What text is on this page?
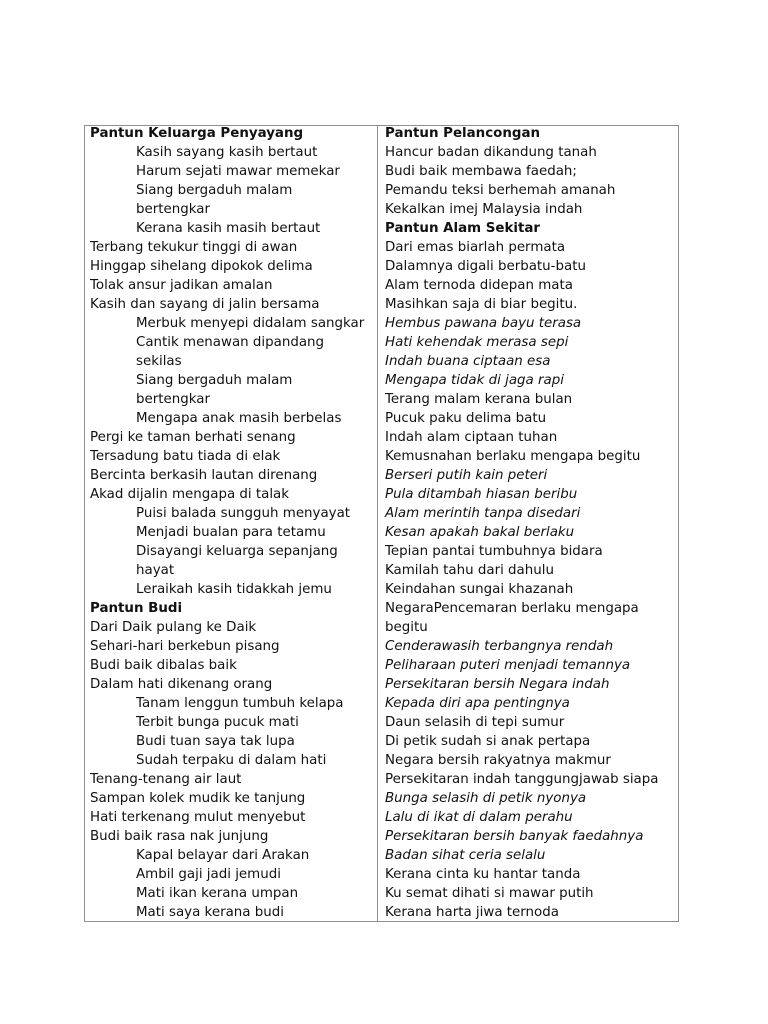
Pantun Keluarga Penyayang
Kasih sayang kasih bertaut
Harum sejati mawar memekar
Siang bergaduh malam
bertengkar
Kerana kasih masih bertaut
Terbang tekukur tinggi di awan
Hinggap sihelang dipokok delima
Tolak ansur jadikan amalan
Kasih dan sayang di jalin bersama
Merbuk menyepi didalam sangkar
Cantik menawan dipandang
sekilas
Siang bergaduh malam
bertengkar
Mengapa anak masih berbelas
Pergi ke taman berhati senang
Tersadung batu tiada di elak
Bercinta berkasih lautan direnang
Akad dijalin mengapa di talak
Puisi balada sungguh menyayat
Menjadi bualan para tetamu
Disayangi keluarga sepanjang
hayat
Leraikah kasih tidakkah jemu
Pantun Budi
Dari Daik pulang ke Daik
Sehari-hari berkebun pisang
Budi baik dibalas baik
Dalam hati dikenang orang
Tanam lenggun tumbuh kelapa
Terbit bunga pucuk mati
Budi tuan saya tak lupa
Sudah terpaku di dalam hati
Tenang-tenang air laut
Sampan kolek mudik ke tanjung
Hati terkenang mulut menyebut
Budi baik rasa nak junjung
Kapal belayar dari Arakan
Ambil gaji jadi jemudi
Mati ikan kerana umpan
Mati saya kerana budi
Pantun Pelancongan
Hancur badan dikandung tanah
Budi baik membawa faedah;
Pemandu teksi berhemah amanah
Kekalkan imej Malaysia indah
Pantun Alam Sekitar
Dari emas biarlah permata
Dalamnya digali berbatu-batu
Alam ternoda didepan mata
Masihkan saja di biar begitu.
Hembus pawana bayu terasa
Hati kehendak merasa sepi
Indah buana ciptaan esa
Mengapa tidak di jaga rapi
Terang malam kerana bulan
Pucuk paku delima batu
Indah alam ciptaan tuhan
Kemusnahan berlaku mengapa begitu
Berseri putih kain peteri
Pula ditambah hiasan beribu
Alam merintih tanpa disedari
Kesan apakah bakal berlaku
Tepian pantai tumbuhnya bidara
Kamilah tahu dari dahulu
Keindahan sungai khazanah
NegaraPencemaran berlaku mengapa
begitu
Cenderawasih terbangnya rendah
Peliharaan puteri menjadi temannya
Persekitaran bersih Negara indah
Kepada diri apa pentingnya
Daun selasih di tepi sumur
Di petik sudah si anak pertapa
Negara bersih rakyatnya makmur
Persekitaran indah tanggungjawab siapa
Bunga selasih di petik nyonya
Lalu di ikat di dalam perahu
Persekitaran bersih banyak faedahnya
Badan sihat ceria selalu
Kerana cinta ku hantar tanda
Ku semat dihati si mawar putih
Kerana harta jiwa ternoda
